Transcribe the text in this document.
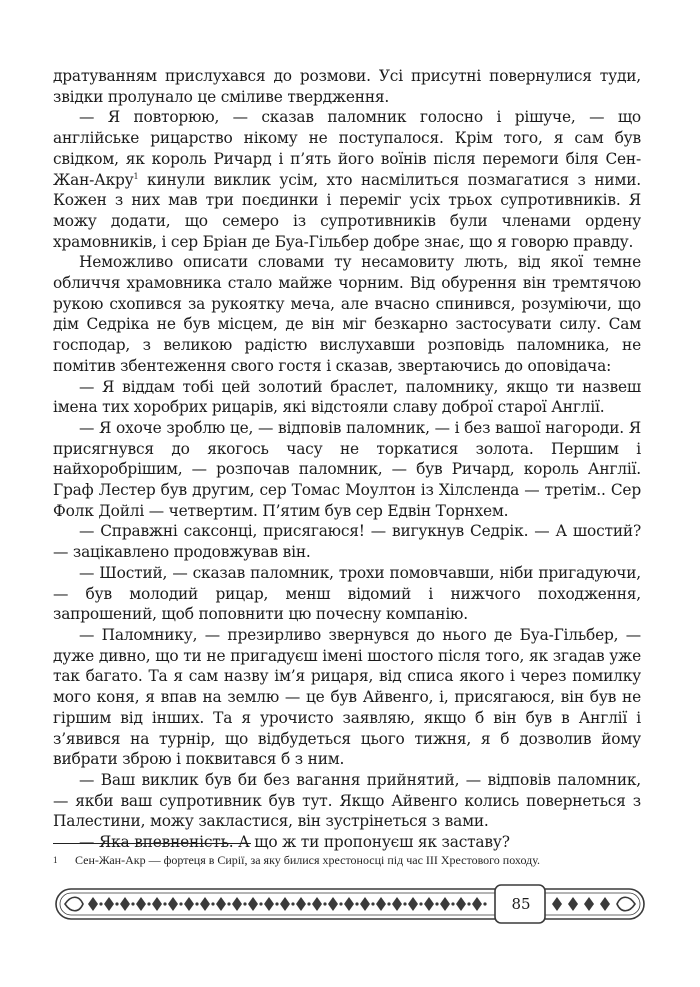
дратуванням прислухався до розмови. Усі присутні повернулися туди, звідки пролунало це сміливе твердження.

— Я повторюю, — сказав паломник голосно і рішуче, — що англійське рицарство нікому не поступалося. Крім того, я сам був свідком, як король Ричард і п’ять його воїнів після перемоги біля Сен-Жан-Акру$^1$ кинули виклик усім, хто насмілиться позмагатися з ними. Кожен з них мав три поєдинки і переміг усіх трьох супротивників. Я можу додати, що семеро із супротивників були членами ордену храмовників, і сер Бріан де Буа-Гільбер добре знає, що я говорю правду.

Неможливо описати словами ту несамовиту лють, від якої темне обличчя храмовника стало майже чорним. Від обурення він тремтячою рукою схопився за рукоятку меча, але вчасно спинився, розуміючи, що дім Седріка не був місцем, де він міг безкарно застосувати силу. Сам господар, з великою радістю вислухавши розповідь паломника, не помітив збентеження свого гостя і сказав, звертаючись до оповідача:

— Я віддам тобі цей золотий браслет, паломнику, якщо ти назвеш імена тих хоробрих рицарів, які відстояли славу доброї старої Англії.

— Я охоче зроблю це, — відповів паломник, — і без вашої нагороди. Я присягнувся до якогось часу не торкатися золота. Першим і найхоробрішим, — розпочав паломник, — був Ричард, король Англії. Граф Лестер був другим, сер Томас Моултон із Хілсленда — третім.. Сер Фолк Дойлі — четвертим. П’ятим був сер Едвін Торнхем.

— Справжні саксонці, присягаюся! — вигукнув Седрік. — А шостий? — зацікавлено продовжував він.

— Шостий, — сказав паломник, трохи помовчавши, ніби пригадуючи, — був молодий рицар, менш відомий і нижчого походження, запрошений, щоб поповнити цю почесну компанію.

— Паломнику, — презирливо звернувся до нього де Буа-Гільбер, — дуже дивно, що ти не пригадуєш імені шостого після того, як згадав уже так багато. Та я сам назву ім’я рицаря, від списа якого і через помилку мого коня, я впав на землю — це був Айвенго, і, присягаюся, він був не гіршим від інших. Та я урочисто заявляю, якщо б він був в Англії і з’явився на турнір, що відбудеться цього тижня, я б дозволив йому вибрати зброю і поквитався б з ним.

— Ваш виклик був би без вагання прийнятий, — відповів паломник, — якби ваш супротивник був тут. Якщо Айвенго колись повернеться з Палестини, можу закластися, він зустрінеться з вами.

— Яка впевненість. А що ж ти пропонуєш як заставу?

1 Сен-Жан-Акр — фортеця в Сирії, за яку билися хрестоносці під час ІІІ Хрестового походу.
85
